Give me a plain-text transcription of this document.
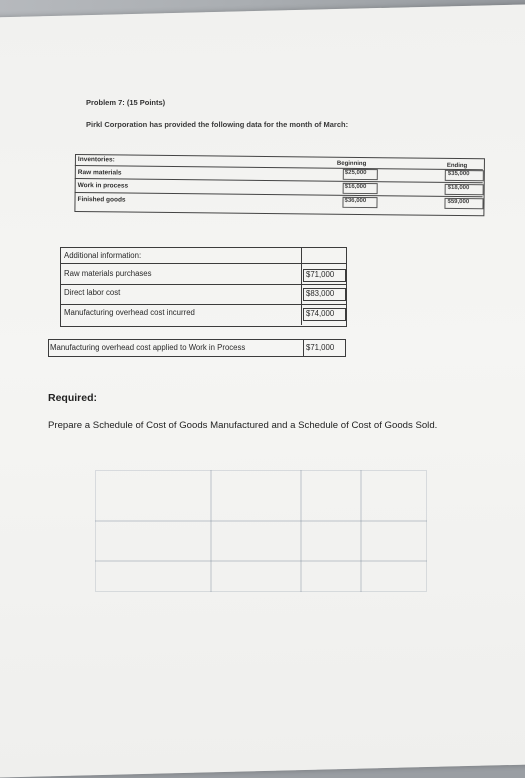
Problem 7: (15 Points)
Pirkl Corporation has provided the following data for the month of March:
Inventories:
Beginning	Ending
Raw materials
Work in process
Finished goods
$25,000
$16,000
$36,000
$35,000
$18,000
$59,000
Additional information:
Raw materials purchases
Direct labor cost
Manufacturing overhead cost incurred
$71,000
$83,000
$74,000
Manufacturing overhead cost applied to Work in Process	$71,000
Required:
Prepare a Schedule of Cost of Goods Manufactured and a Schedule of Cost of Goods Sold.
